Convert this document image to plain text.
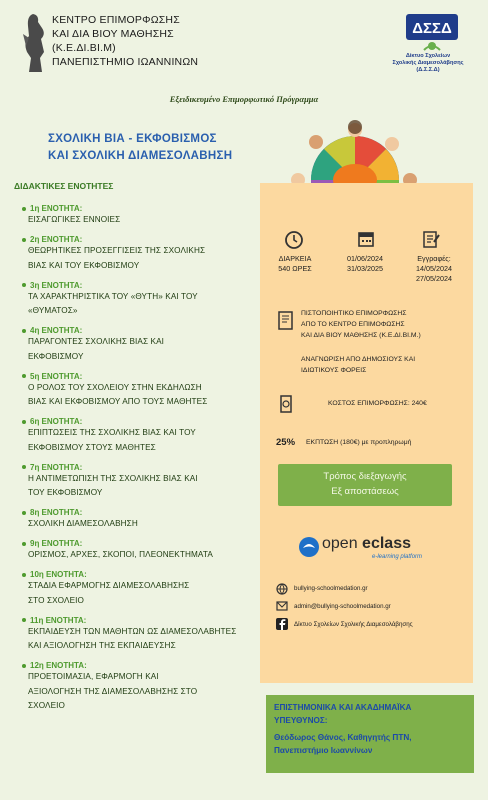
ΚΕΝΤΡΟ ΕΠΙΜΟΡΦΩΣΗΣ
ΚΑΙ ΔΙΑ ΒΙΟΥ ΜΑΘΗΣΗΣ
(Κ.Ε.ΔΙ.ΒΙ.Μ)
ΠΑΝΕΠΙΣΤΗΜΙΟ ΙΩΑΝΝΙΝΩΝ
ΔΣΣΔ
Δίκτυο Σχολείων
Σχολικής Διαμεσολάβησης
(Δ.Σ.Σ.Δ)
Εξειδικευμένο Επιμορφωτικό Πρόγραμμα
ΣΧΟΛΙΚΗ ΒΙΑ - ΕΚΦΟΒΙΣΜΟΣ
ΚΑΙ ΣΧΟΛΙΚΗ ΔΙΑΜΕΣΟΛΑΒΗΣΗ
ΔΙΔΑΚΤΙΚΕΣ ΕΝΟΤΗΤΕΣ
1η ΕΝΟΤΗΤΑ:
ΕΙΣΑΓΩΓΙΚΕΣ ΕΝΝΟΙΕΣ
2η ΕΝΟΤΗΤΑ:
ΘΕΩΡΗΤΙΚΕΣ ΠΡΟΣΕΓΓΙΣΕΙΣ ΤΗΣ ΣΧΟΛΙΚΗΣ
ΒΙΑΣ ΚΑΙ ΤΟΥ ΕΚΦΟΒΙΣΜΟΥ
3η ΕΝΟΤΗΤΑ:
ΤΑ ΧΑΡΑΚΤΗΡΙΣΤΙΚΑ ΤΟΥ «ΘΥΤΗ» ΚΑΙ ΤΟΥ
«ΘΥΜΑΤΟΣ»
4η ΕΝΟΤΗΤΑ:
ΠΑΡΑΓΟΝΤΕΣ ΣΧΟΛΙΚΗΣ ΒΙΑΣ ΚΑΙ
ΕΚΦΟΒΙΣΜΟΥ
5η ΕΝΟΤΗΤΑ:
Ο ΡΟΛΟΣ ΤΟΥ ΣΧΟΛΕΙΟΥ ΣΤΗΝ ΕΚΔΗΛΩΣΗ
ΒΙΑΣ ΚΑΙ ΕΚΦΟΒΙΣΜΟΥ ΑΠΟ ΤΟΥΣ ΜΑΘΗΤΕΣ
6η ΕΝΟΤΗΤΑ:
ΕΠΙΠΤΩΣΕΙΣ ΤΗΣ ΣΧΟΛΙΚΗΣ ΒΙΑΣ ΚΑΙ ΤΟΥ
ΕΚΦΟΒΙΣΜΟΥ ΣΤΟΥΣ ΜΑΘΗΤΕΣ
7η ΕΝΟΤΗΤΑ:
Η ΑΝΤΙΜΕΤΩΠΙΣΗ ΤΗΣ ΣΧΟΛΙΚΗΣ ΒΙΑΣ ΚΑΙ
ΤΟΥ ΕΚΦΟΒΙΣΜΟΥ
8η ΕΝΟΤΗΤΑ:
ΣΧΟΛΙΚΗ ΔΙΑΜΕΣΟΛΑΒΗΣΗ
9η ΕΝΟΤΗΤΑ:
ΟΡΙΣΜΟΣ, ΑΡΧΕΣ, ΣΚΟΠΟΙ, ΠΛΕΟΝΕΚΤΗΜΑΤΑ
10η ΕΝΟΤΗΤΑ:
ΣΤΑΔΙΑ ΕΦΑΡΜΟΓΗΣ ΔΙΑΜΕΣΟΛΑΒΗΣΗΣ
ΣΤΟ ΣΧΟΛΕΙΟ
11η ΕΝΟΤΗΤΑ:
ΕΚΠΑΙΔΕΥΣΗ ΤΩΝ ΜΑΘΗΤΩΝ ΩΣ ΔΙΑΜΕΣΟΛΑΒΗΤΕΣ
ΚΑΙ ΑΞΙΟΛΟΓΗΣΗ ΤΗΣ ΕΚΠΑΙΔΕΥΣΗΣ
12η ΕΝΟΤΗΤΑ:
ΠΡΟΕΤΟΙΜΑΣΙΑ, ΕΦΑΡΜΟΓΗ ΚΑΙ
ΑΞΙΟΛΟΓΗΣΗ ΤΗΣ ΔΙΑΜΕΣΟΛΑΒΗΣΗΣ ΣΤΟ
ΣΧΟΛΕΙΟ
ΔΙΑΡΚΕΙΑ
540 ΩΡΕΣ
01/06/2024
31/03/2025
Εγγραφές:
14/05/2024
27/05/2024
ΠΙΣΤΟΠΟΙΗΤΙΚΟ ΕΠΙΜΟΡΦΩΣΗΣ
ΑΠΟ ΤΟ ΚΕΝΤΡΟ ΕΠΙΜΟΦΩΣΗΣ
ΚΑΙ ΔΙΑ ΒΙΟΥ ΜΑΘΗΣΗΣ (Κ.Ε.ΔΙ.ΒΙ.Μ.)
ΑΝΑΓΝΩΡΙΣΗ ΑΠΟ ΔΗΜΟΣΙΟΥΣ ΚΑΙ
ΙΔΙΩΤΙΚΟΥΣ ΦΟΡΕΙΣ
ΚΟΣΤΟΣ ΕΠΙΜΟΡΦΩΣΗΣ: 240€
25% ΕΚΠΤΩΣΗ (180€) με προπληρωμή
Τρόπος διεξαγωγής
Εξ αποστάσεως
open eclass
e-learning platform
bullying-schoolmedation.gr
admin@bullying-schoolmedation.gr
Δίκτυο Σχολείων Σχολικής Διαμεσολάβησης
ΕΠΙΣΤΗΜΟΝΙΚΑ ΚΑΙ ΑΚΑΔΗΜΑΪΚΑ
ΥΠΕΥΘΥΝΟΣ:
Θεόδωρος Θάνος, Καθηγητής ΠΤΝ,
Πανεπιστήμιο Ιωαννίνων
